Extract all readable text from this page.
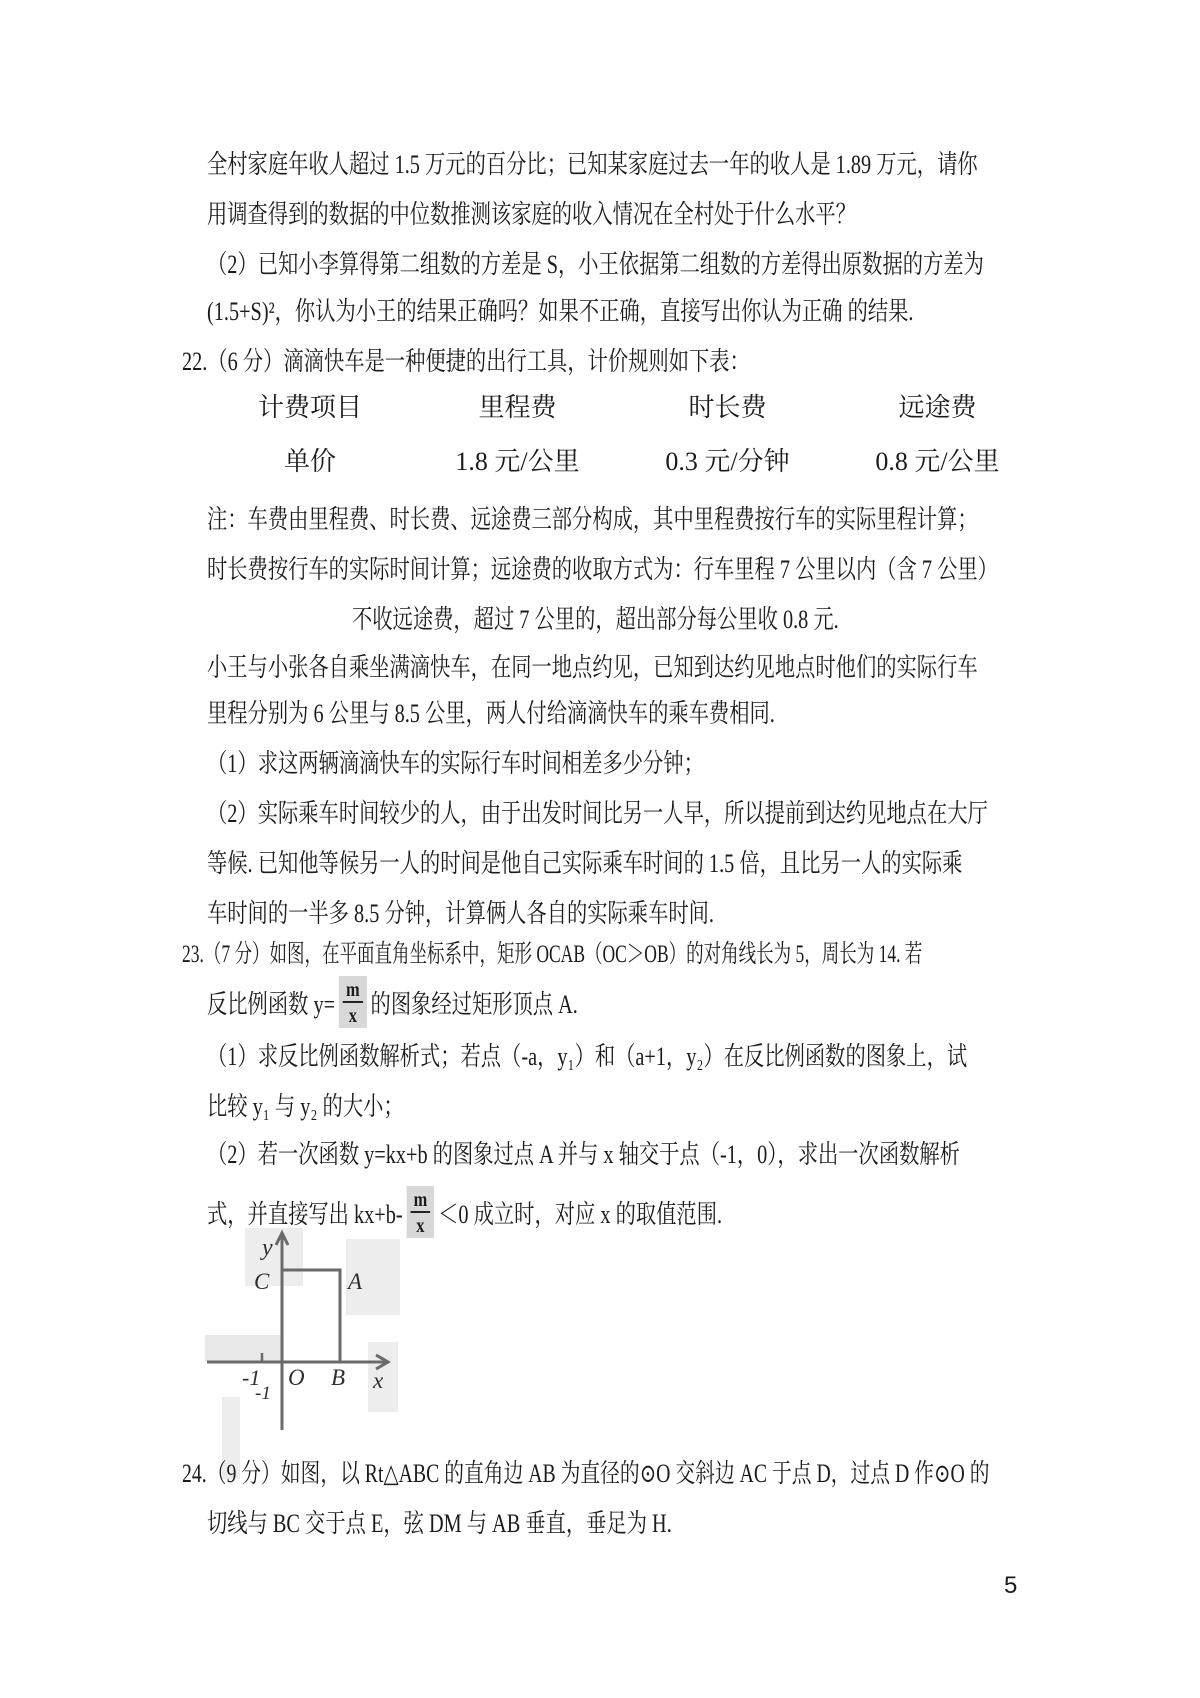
全村家庭年收人超过 1.5 万元的百分比；已知某家庭过去一年的收人是 1.89 万元，请你
用调查得到的数据的中位数推测该家庭的收入情况在全村处于什么水平？
（2）已知小李算得第二组数的方差是 S，小王依据第二组数的方差得出原数据的方差为
(1.5+S)²，你认为小王的结果正确吗？如果不正确，直接写出你认为正确 的结果.
22.（6 分）滴滴快车是一种便捷的出行工具，计价规则如下表：
计费项目	里程费	时长费	远途费
单价	1.8 元/公里	0.3 元/分钟	0.8 元/公里
注：车费由里程费、时长费、远途费三部分构成，其中里程费按行车的实际里程计算；
时长费按行车的实际时间计算；远途费的收取方式为：行车里程 7 公里以内（含 7 公里）
不收远途费，超过 7 公里的，超出部分每公里收 0.8 元.
小王与小张各自乘坐满滴快车，在同一地点约见，已知到达约见地点时他们的实际行车
里程分别为 6 公里与 8.5 公里，两人付给滴滴快车的乘车费相同.
（1）求这两辆滴滴快车的实际行车时间相差多少分钟；
（2）实际乘车时间较少的人，由于出发时间比另一人早，所以提前到达约见地点在大厅
等候. 已知他等候另一人的时间是他自己实际乘车时间的 1.5 倍，且比另一人的实际乘
车时间的一半多 8.5 分钟，计算俩人各自的实际乘车时间.
23.（7 分）如图，在平面直角坐标系中，矩形 OCAB（OC＞OB）的对角线长为 5，周长为 14. 若
反比例函数 $y= \frac{m}{x}$ 的图象经过矩形顶点 A.
（1）求反比例函数解析式；若点（-a，y₁）和（a+1，y₂）在反比例函数的图象上，试
比较 y₁ 与 y₂ 的大小；
（2）若一次函数 y=kx+b 的图象过点 A 并与 x 轴交于点（-1，0），求出一次函数解析
式，并直接写出 $kx+b- \frac{m}{x} <0$ 成立时，对应 x 的取值范围.
y
C	A
O B x
-1
-1
24.（9 分）如图，以 Rt△ABC 的直角边 AB 为直径的⊙O 交斜边 AC 于点 D，过点 D 作⊙O 的
切线与 BC 交于点 E，弦 DM 与 AB 垂直，垂足为 H.
5
